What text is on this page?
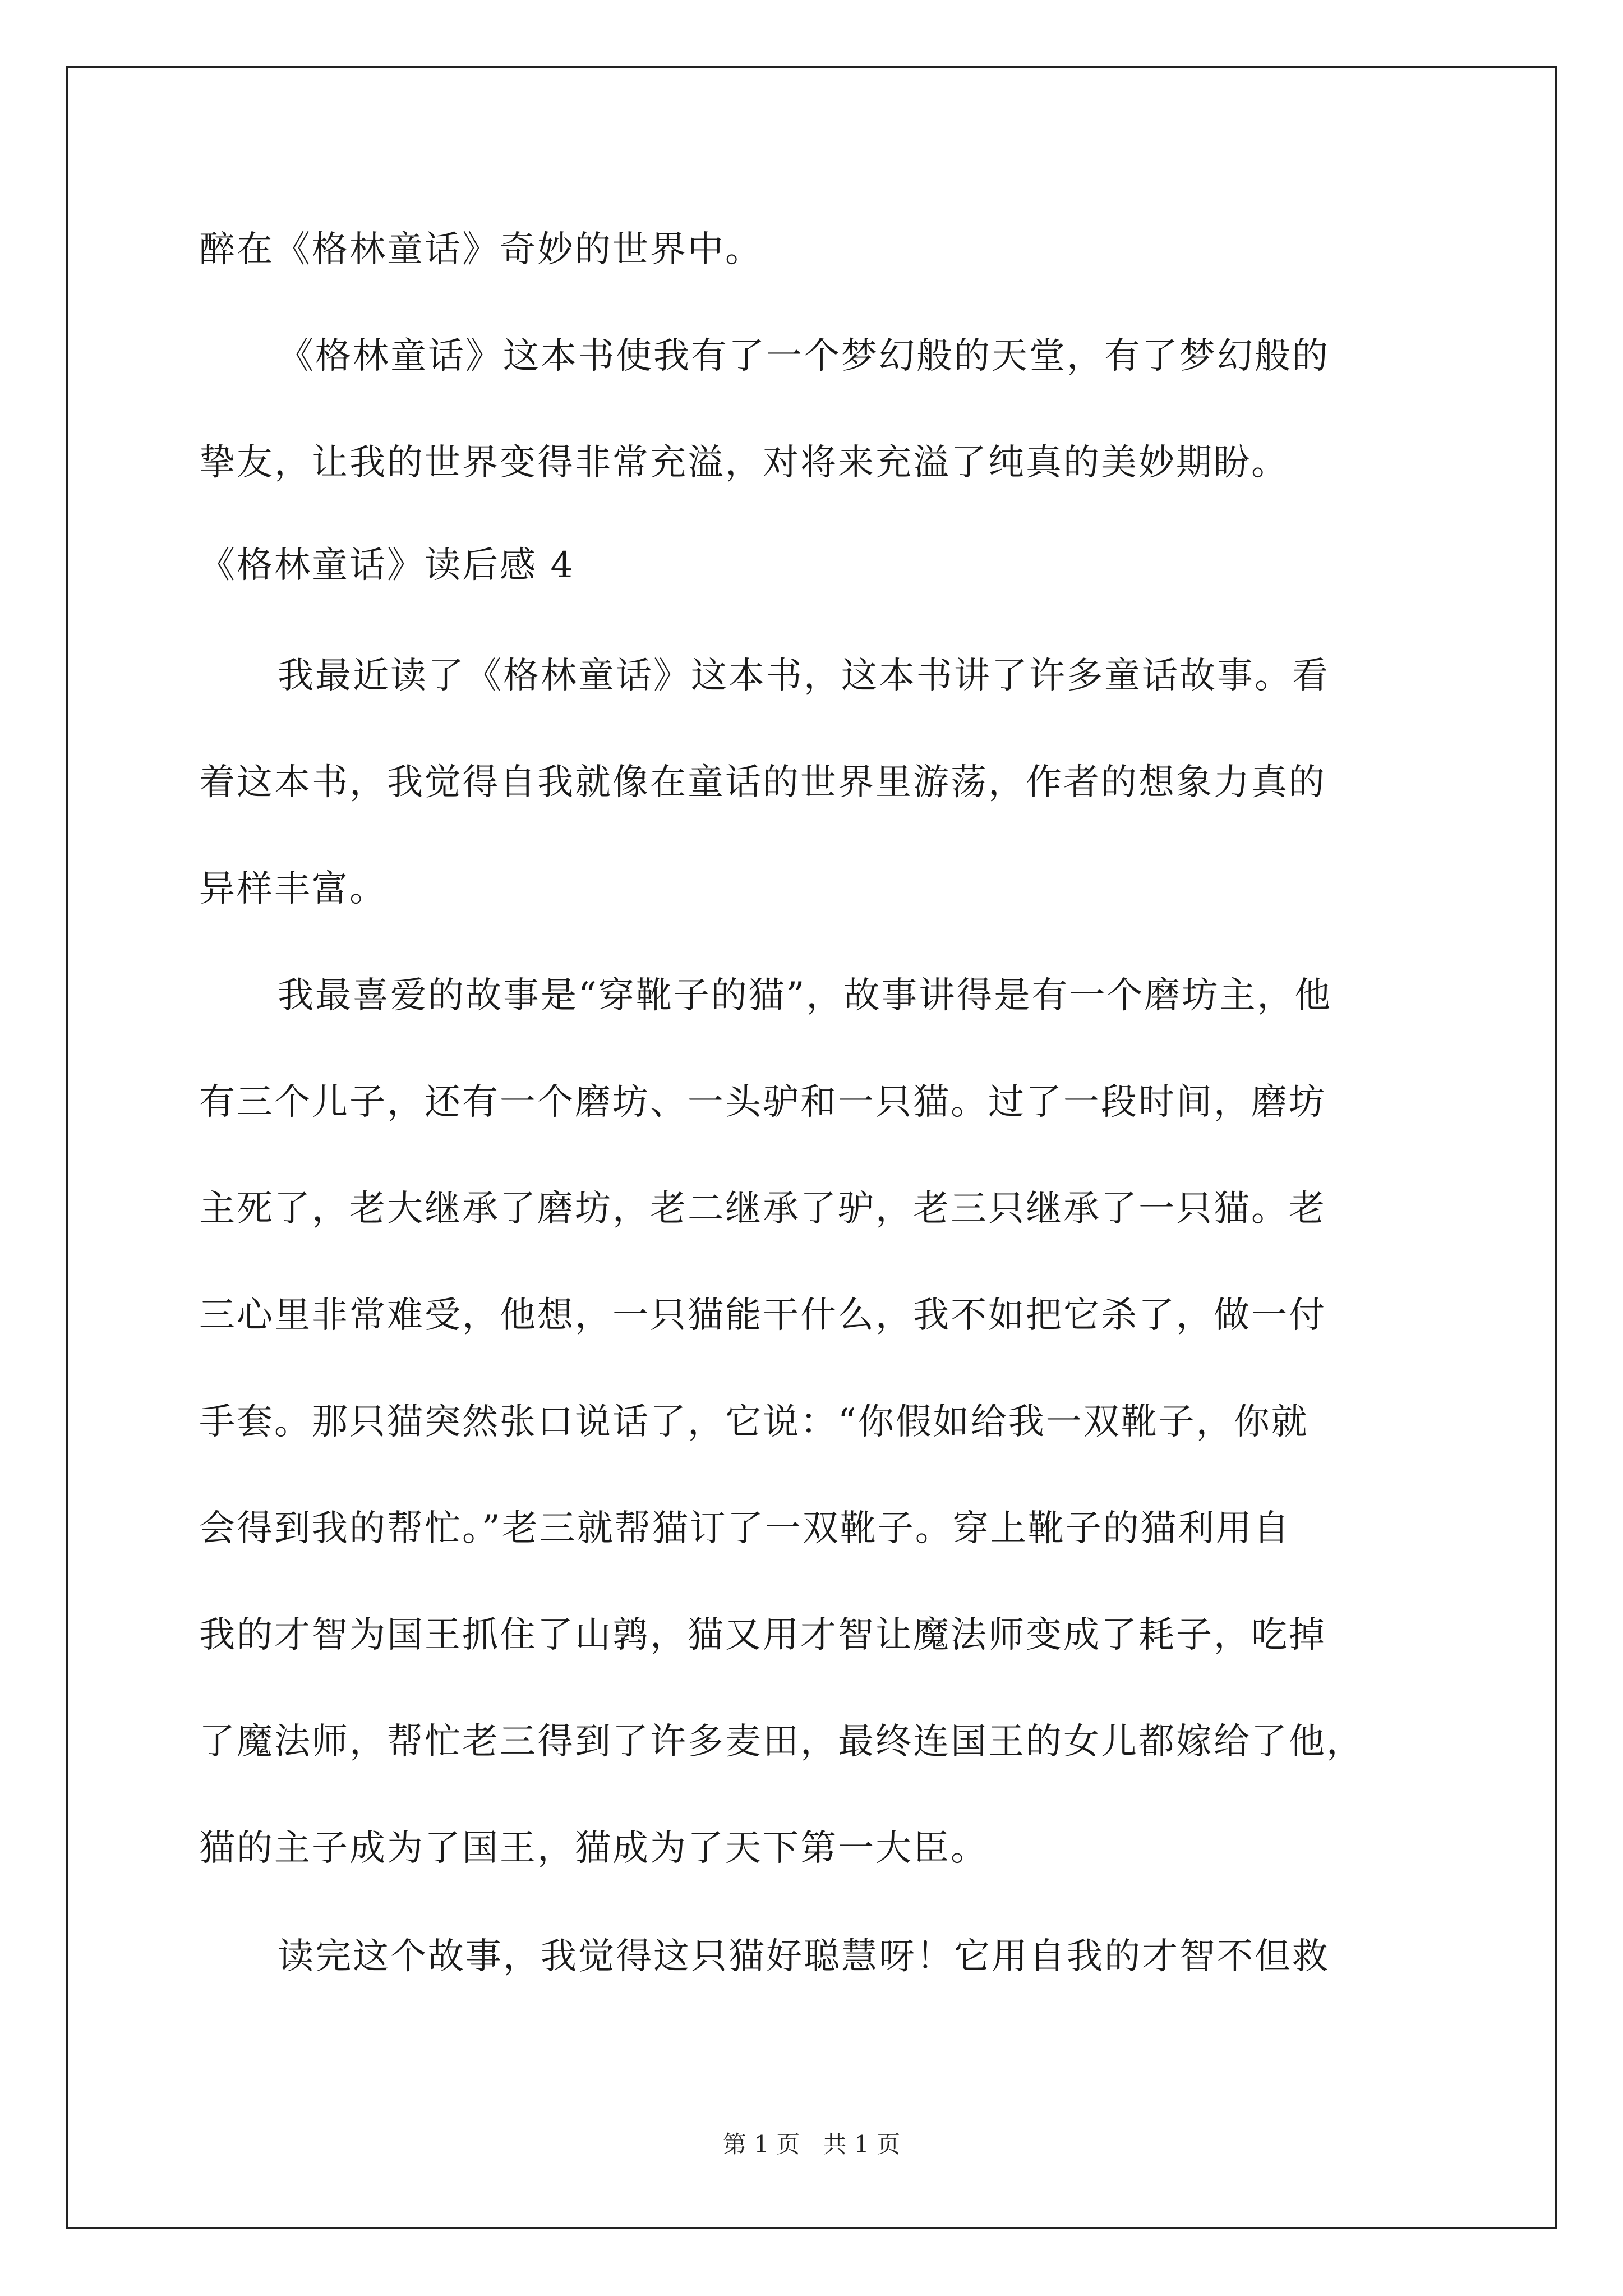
醉在《格林童话》奇妙的世界中。
《格林童话》这本书使我有了一个梦幻般的天堂，有了梦幻般的
挚友，让我的世界变得非常充溢，对将来充溢了纯真的美妙期盼。
《格林童话》读后感 4
我最近读了《格林童话》这本书，这本书讲了许多童话故事。看
着这本书，我觉得自我就像在童话的世界里游荡，作者的想象力真的
异样丰富。
我最喜爱的故事是“穿靴子的猫”，故事讲得是有一个磨坊主，他
有三个儿子，还有一个磨坊、一头驴和一只猫。过了一段时间，磨坊
主死了，老大继承了磨坊，老二继承了驴，老三只继承了一只猫。老
三心里非常难受，他想，一只猫能干什么，我不如把它杀了，做一付
手套。那只猫突然张口说话了，它说：“你假如给我一双靴子，你就
会得到我的帮忙。”老三就帮猫订了一双靴子。穿上靴子的猫利用自
我的才智为国王抓住了山鹑，猫又用才智让魔法师变成了耗子，吃掉
了魔法师，帮忙老三得到了许多麦田，最终连国王的女儿都嫁给了他，
猫的主子成为了国王，猫成为了天下第一大臣。
读完这个故事，我觉得这只猫好聪慧呀！它用自我的才智不但救
第 1 页 共 1 页
